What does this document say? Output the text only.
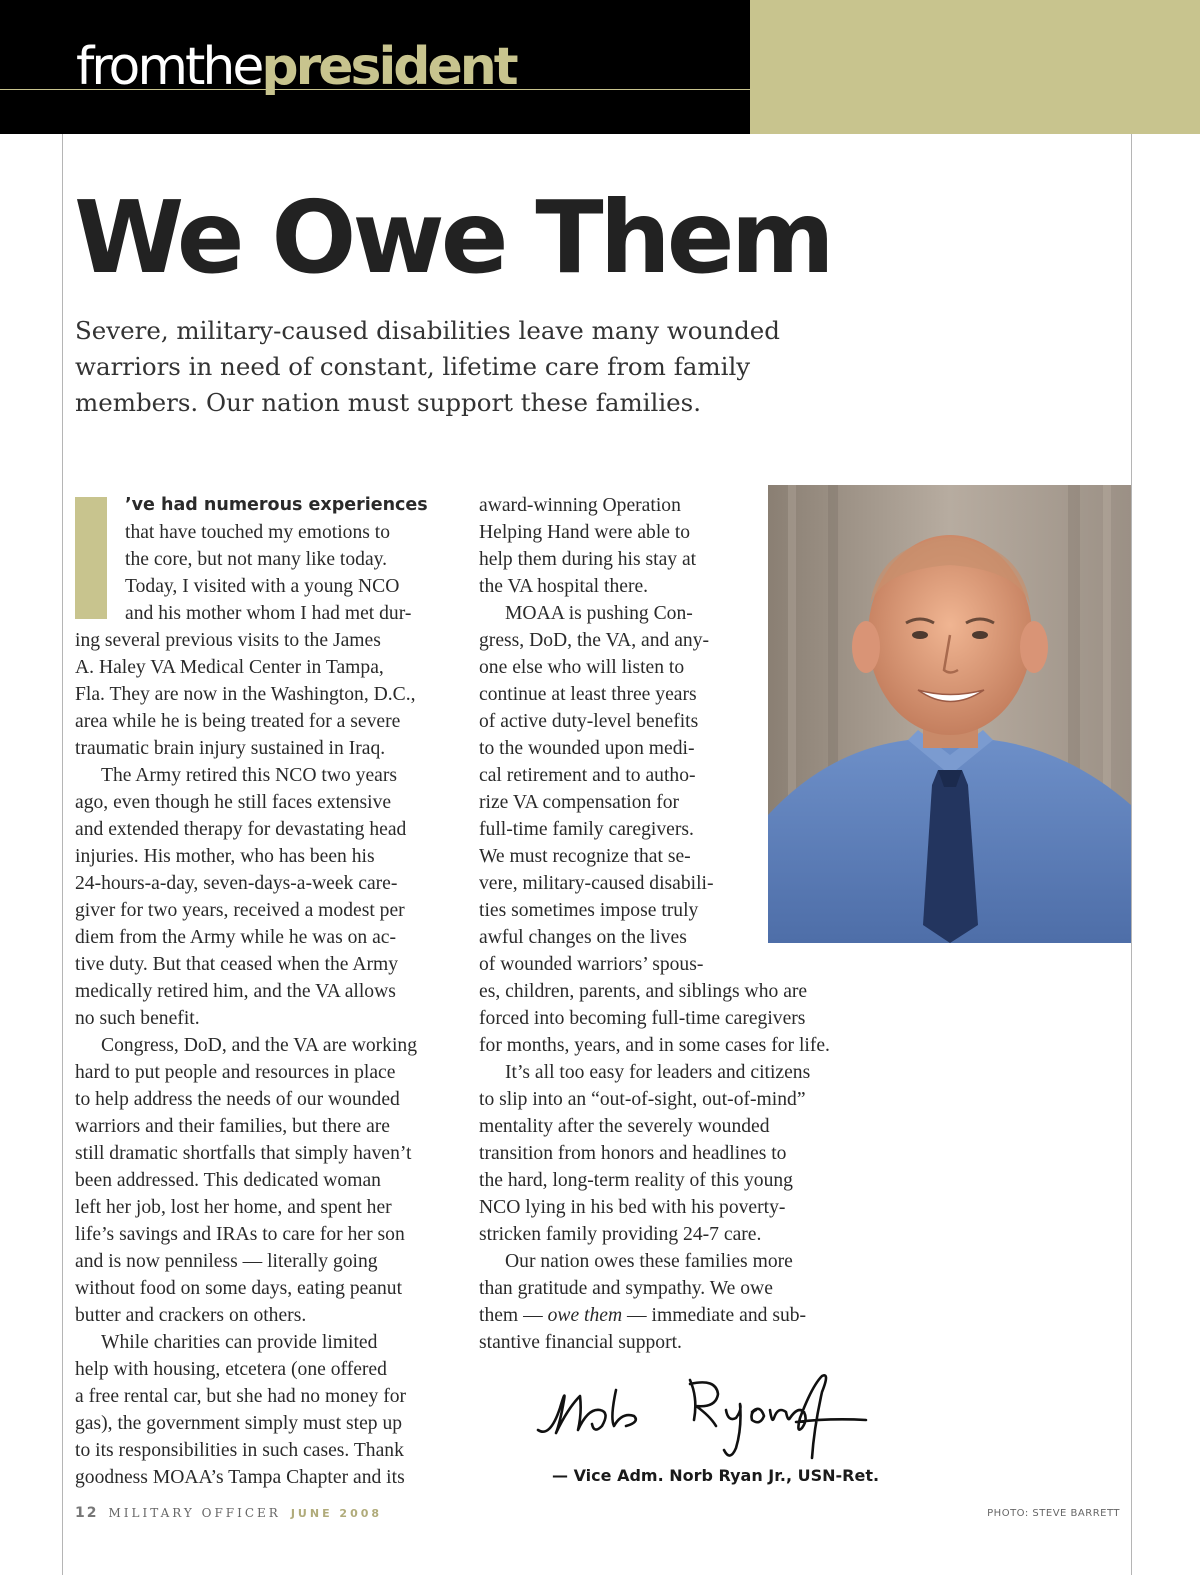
fromthepresident
We Owe Them

Severe, military-caused disabilities leave many wounded warriors in need of constant, lifetime care from family members. Our nation must support these families.

’ve had numerous experiences
that have touched my emotions to
the core, but not many like today.
Today, I visited with a young NCO
and his mother whom I had met dur-
ing several previous visits to the James
A. Haley VA Medical Center in Tampa,
Fla. They are now in the Washington, D.C.,
area while he is being treated for a severe
traumatic brain injury sustained in Iraq.

The Army retired this NCO two years
ago, even though he still faces extensive
and extended therapy for devastating head
injuries. His mother, who has been his
24-hours-a-day, seven-days-a-week care-
giver for two years, received a modest per
diem from the Army while he was on ac-
tive duty. But that ceased when the Army
medically retired him, and the VA allows
no such benefit.

Congress, DoD, and the VA are working
hard to put people and resources in place
to help address the needs of our wounded
warriors and their families, but there are
still dramatic shortfalls that simply haven’t
been addressed. This dedicated woman
left her job, lost her home, and spent her
life’s savings and IRAs to care for her son
and is now penniless — literally going
without food on some days, eating peanut
butter and crackers on others.

While charities can provide limited
help with housing, etcetera (one offered
a free rental car, but she had no money for
gas), the government simply must step up
to its responsibilities in such cases. Thank
goodness MOAA’s Tampa Chapter and its

award-winning Operation
Helping Hand were able to
help them during his stay at
the VA hospital there.

MOAA is pushing Con-
gress, DoD, the VA, and any-
one else who will listen to
continue at least three years
of active duty-level benefits
to the wounded upon medi-
cal retirement and to autho-
rize VA compensation for
full-time family caregivers.
We must recognize that se-
vere, military-caused disabili-
ties sometimes impose truly
awful changes on the lives
of wounded warriors’ spous-
es, children, parents, and siblings who are
forced into becoming full-time caregivers
for months, years, and in some cases for life.

It’s all too easy for leaders and citizens
to slip into an “out-of-sight, out-of-mind”
mentality after the severely wounded
transition from honors and headlines to
the hard, long-term reality of this young
NCO lying in his bed with his poverty-
stricken family providing 24-7 care.

Our nation owes these families more
than gratitude and sympathy. We owe
them — owe them — immediate and sub-
stantive financial support.

— Vice Adm. Norb Ryan Jr., USN-Ret.

12 MILITARY OFFICER JUNE 2008	PHOTO: STEVE BARRETT
